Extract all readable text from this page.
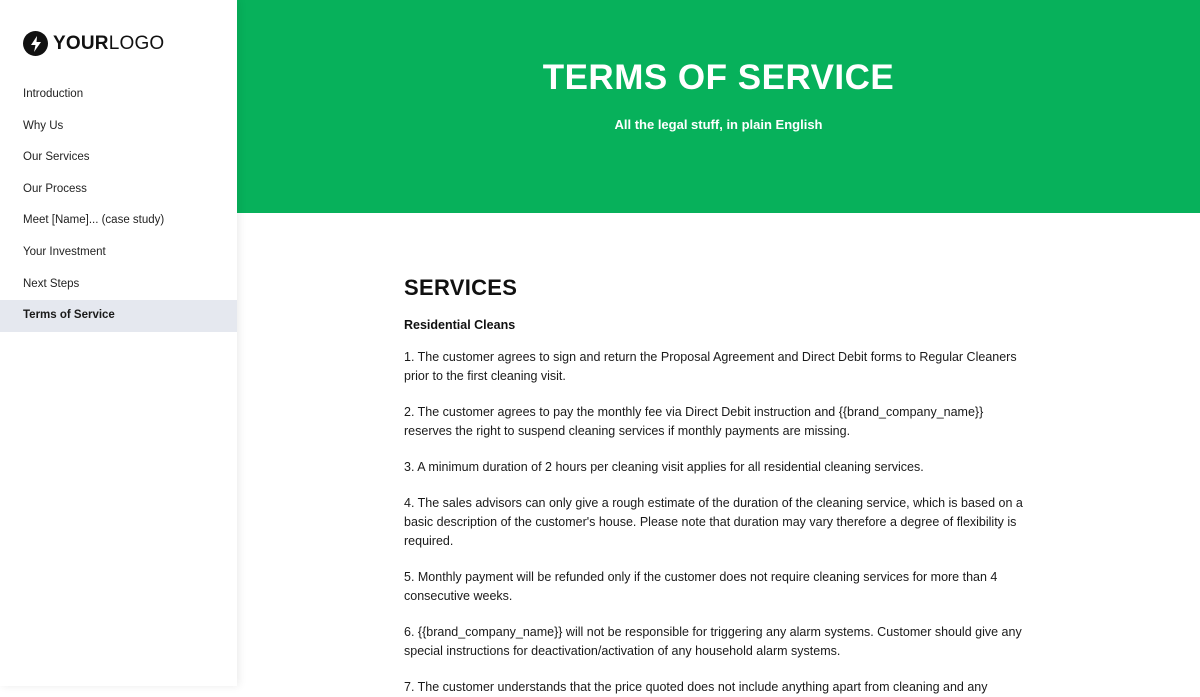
YOURLOGO
Introduction
Why Us
Our Services
Our Process
Meet [Name]... (case study)
Your Investment
Next Steps
Terms of Service
TERMS OF SERVICE

All the legal stuff, in plain English

SERVICES
Residential Cleans

1. The customer agrees to sign and return the Proposal Agreement and Direct Debit forms to Regular Cleaners prior to the first cleaning visit.

2. The customer agrees to pay the monthly fee via Direct Debit instruction and {{brand_company_name}} reserves the right to suspend cleaning services if monthly payments are missing.

3. A minimum duration of 2 hours per cleaning visit applies for all residential cleaning services.

4. The sales advisors can only give a rough estimate of the duration of the cleaning service, which is based on a basic description of the customer's house. Please note that duration may vary therefore a degree of flexibility is required.

5. Monthly payment will be refunded only if the customer does not require cleaning services for more than 4 consecutive weeks.

6. {{brand_company_name}} will not be responsible for triggering any alarm systems. Customer should give any special instructions for deactivation/activation of any household alarm systems.

7. The customer understands that the price quoted does not include anything apart from cleaning and any
